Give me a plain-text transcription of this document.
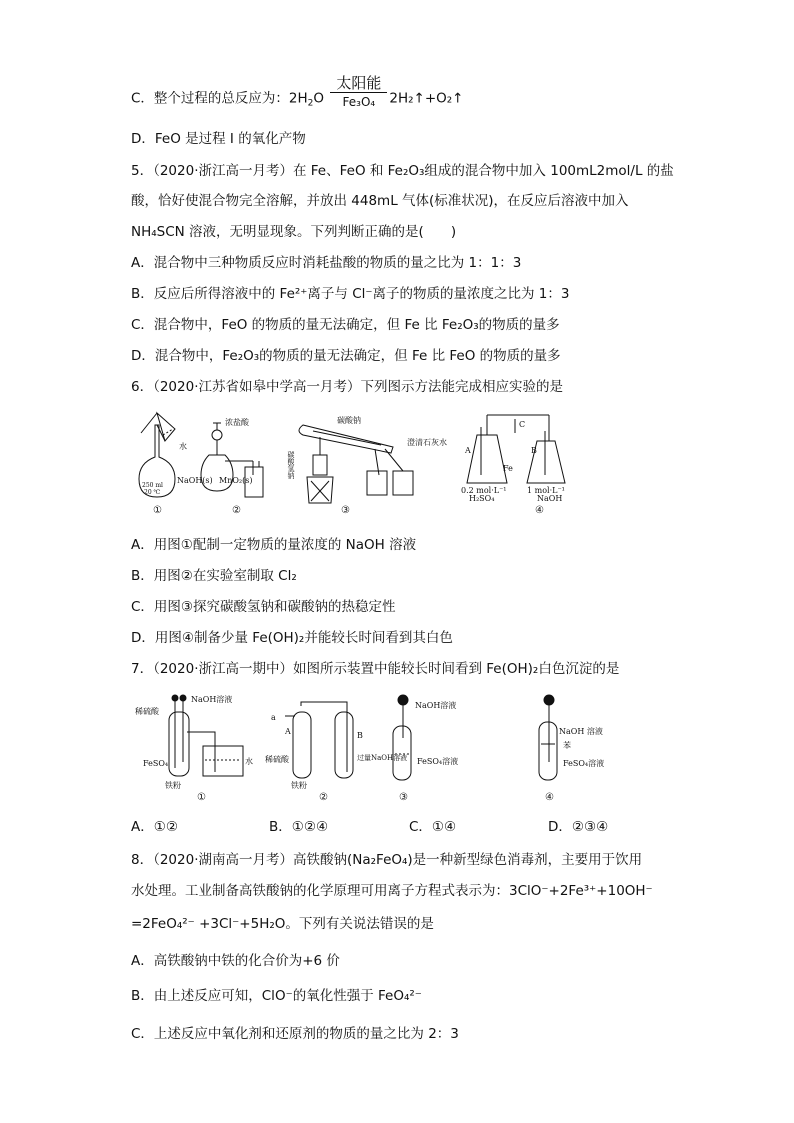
C．整个过程的总反应为：$2H_2O \frac{\text{太阳能}}{\text{Fe₃O₄}}$ 2H₂↑+O₂↑
D．FeO 是过程 I 的氧化产物
5．（2020·浙江高一月考）在 Fe、FeO 和 Fe₂O₃组成的混合物中加入 100mL2mol/L 的盐
酸，恰好使混合物完全溶解，并放出 448mL 气体(标准状况)，在反应后溶液中加入
NH₄SCN 溶液，无明显现象。下列判断正确的是(　　)
A．混合物中三种物质反应时消耗盐酸的物质的量之比为 1：1：3
B．反应后所得溶液中的 Fe²⁺离子与 Cl⁻离子的物质的量浓度之比为 1：3
C．混合物中，FeO 的物质的量无法确定，但 Fe 比 Fe₂O₃的物质的量多
D．混合物中，Fe₂O₃的物质的量无法确定，但 Fe 比 FeO 的物质的量多
6．（2020·江苏省如皋中学高一月考）下列图示方法能完成相应实验的是
水
250 ml
20 ℃
NaOH(s)
①
浓盐酸
MnO₂(s)
②
碳酸钠
碳酸氢钠
澄清石灰水
③
C
A	B
Fe
0.2 mol·L⁻¹
H₂SO₄
1 mol·L⁻¹
NaOH
④
A．用图①配制一定物质的量浓度的 NaOH 溶液
B．用图②在实验室制取 Cl₂
C．用图③探究碳酸氢钠和碳酸钠的热稳定性
D．用图④制备少量 Fe(OH)₂并能较长时间看到其白色
7．（2020·浙江高一期中）如图所示装置中能较长时间看到 Fe(OH)₂白色沉淀的是
稀硫酸
NaOH溶液
FeSO₄	水
铁粉
①
a
A	B
稀硫酸	过量NaOH溶液
铁粉
②
NaOH溶液
FeSO₄溶液
③
NaOH 溶液
苯
FeSO₄溶液
④
A．①②	B．①②④	C．①④	D．②③④
8．（2020·湖南高一月考）高铁酸钠(Na₂FeO₄)是一种新型绿色消毒剂，主要用于饮用
水处理。工业制备高铁酸钠的化学原理可用离子方程式表示为：3ClO⁻+2Fe³⁺+10OH⁻
=2FeO₄²⁻ +3Cl⁻+5H₂O。下列有关说法错误的是
A．高铁酸钠中铁的化合价为+6 价
B．由上述反应可知，ClO⁻的氧化性强于 FeO₄²⁻
C．上述反应中氧化剂和还原剂的物质的量之比为 2：3
